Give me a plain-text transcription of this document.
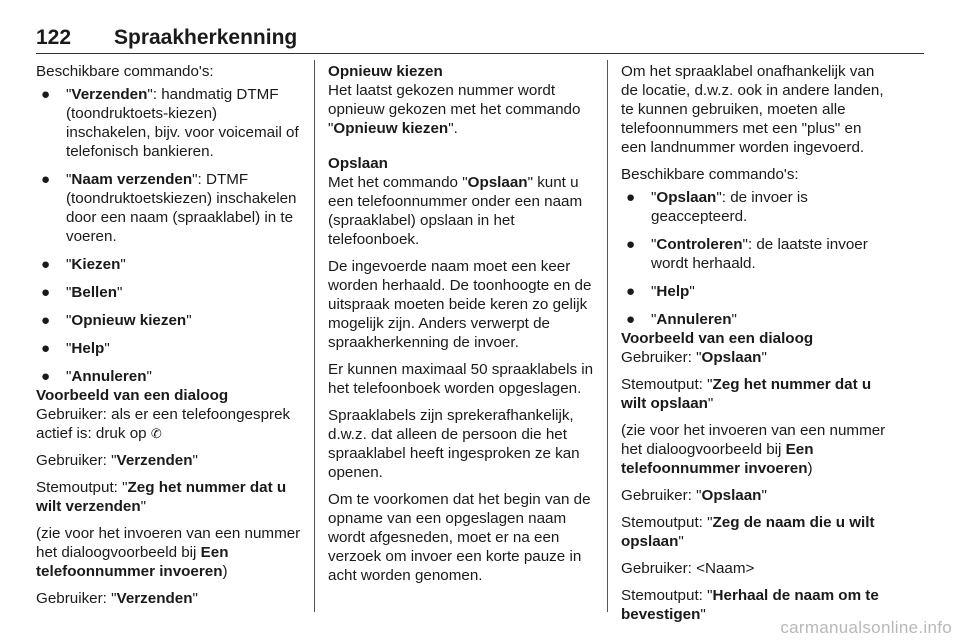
122 Spraakherkenning

Beschikbare commando's:

● "Verzenden": handmatig DTMF (toondruktoets-kiezen) inschakelen, bijv. voor voicemail of telefonisch bankieren.
● "Naam verzenden": DTMF (toondruktoetskiezen) inschakelen door een naam (spraaklabel) in te voeren.
● "Kiezen"
● "Bellen"
● "Opnieuw kiezen"
● "Help"
● "Annuleren"

Voorbeeld van een dialoog

Gebruiker: als er een telefoongesprek actief is: druk op ✆

Gebruiker: "Verzenden"

Stemoutput: "Zeg het nummer dat u wilt verzenden"

(zie voor het invoeren van een nummer het dialoogvoorbeeld bij Een telefoonnummer invoeren)

Gebruiker: "Verzenden"

Opnieuw kiezen

Het laatst gekozen nummer wordt opnieuw gekozen met het commando "Opnieuw kiezen".

Opslaan

Met het commando "Opslaan" kunt u een telefoonnummer onder een naam (spraaklabel) opslaan in het telefoonboek.

De ingevoerde naam moet een keer worden herhaald. De toonhoogte en de uitspraak moeten beide keren zo gelijk mogelijk zijn. Anders verwerpt de spraakherkenning de invoer.

Er kunnen maximaal 50 spraaklabels in het telefoonboek worden opgeslagen.

Spraaklabels zijn sprekerafhankelijk, d.w.z. dat alleen de persoon die het spraaklabel heeft ingesproken ze kan openen.

Om te voorkomen dat het begin van de opname van een opgeslagen naam wordt afgesneden, moet er na een verzoek om invoer een korte pauze in acht worden genomen.

Om het spraaklabel onafhankelijk van de locatie, d.w.z. ook in andere landen, te kunnen gebruiken, moeten alle telefoonnummers met een "plus" en een landnummer worden ingevoerd.

Beschikbare commando's:

● "Opslaan": de invoer is geaccepteerd.
● "Controleren": de laatste invoer wordt herhaald.
● "Help"
● "Annuleren"

Voorbeeld van een dialoog

Gebruiker: "Opslaan"

Stemoutput: "Zeg het nummer dat u wilt opslaan"

(zie voor het invoeren van een nummer het dialoogvoorbeeld bij Een telefoonnummer invoeren)

Gebruiker: "Opslaan"

Stemoutput: "Zeg de naam die u wilt opslaan"

Gebruiker: <Naam>

Stemoutput: "Herhaal de naam om te bevestigen"

carmanualsonline.info
